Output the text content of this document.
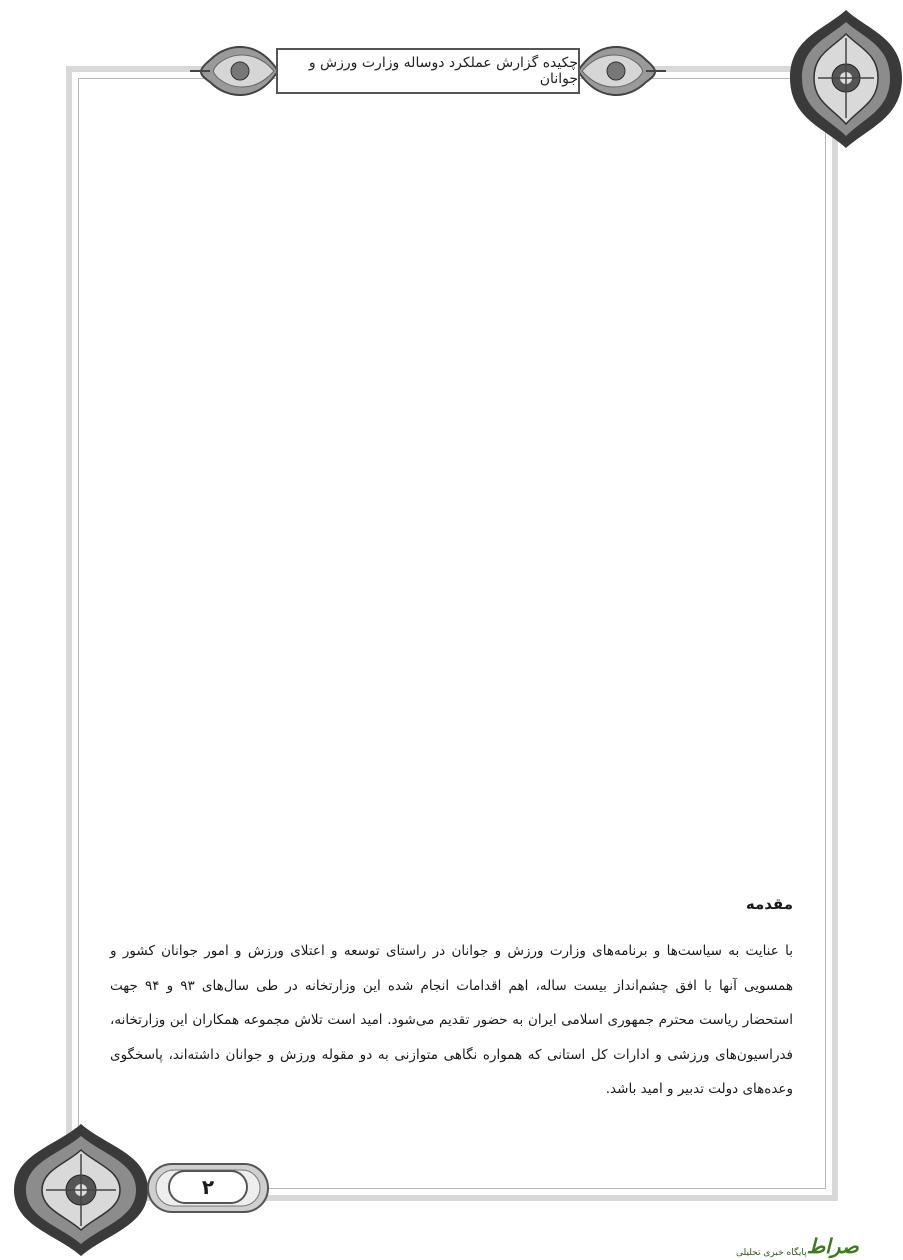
چکیده گزارش عملکرد دوساله وزارت ورزش و جوانان
مقدمه
با عنایت به سیاست‌ها و برنامه‌های وزارت ورزش و جوانان در راستای توسعه و اعتلای ورزش و امور جوانان کشور و همسویی آنها با افق چشم‌انداز بیست ساله، اهم اقدامات انجام شده این وزارتخانه در طی سال‌های ۹۳ و ۹۴ جهت استحضار ریاست محترم جمهوری اسلامی ایران به حضور تقدیم می‌شود. امید است تلاش مجموعه همکاران این وزارتخانه، فدراسیون‌های ورزشی و ادارات کل استانی که همواره نگاهی متوازنی به دو مقوله ورزش و جوانان داشته‌اند، پاسخگوی وعده‌های دولت تدبیر و امید باشد.
۲
صراط
پایگاه خبری تحلیلی
